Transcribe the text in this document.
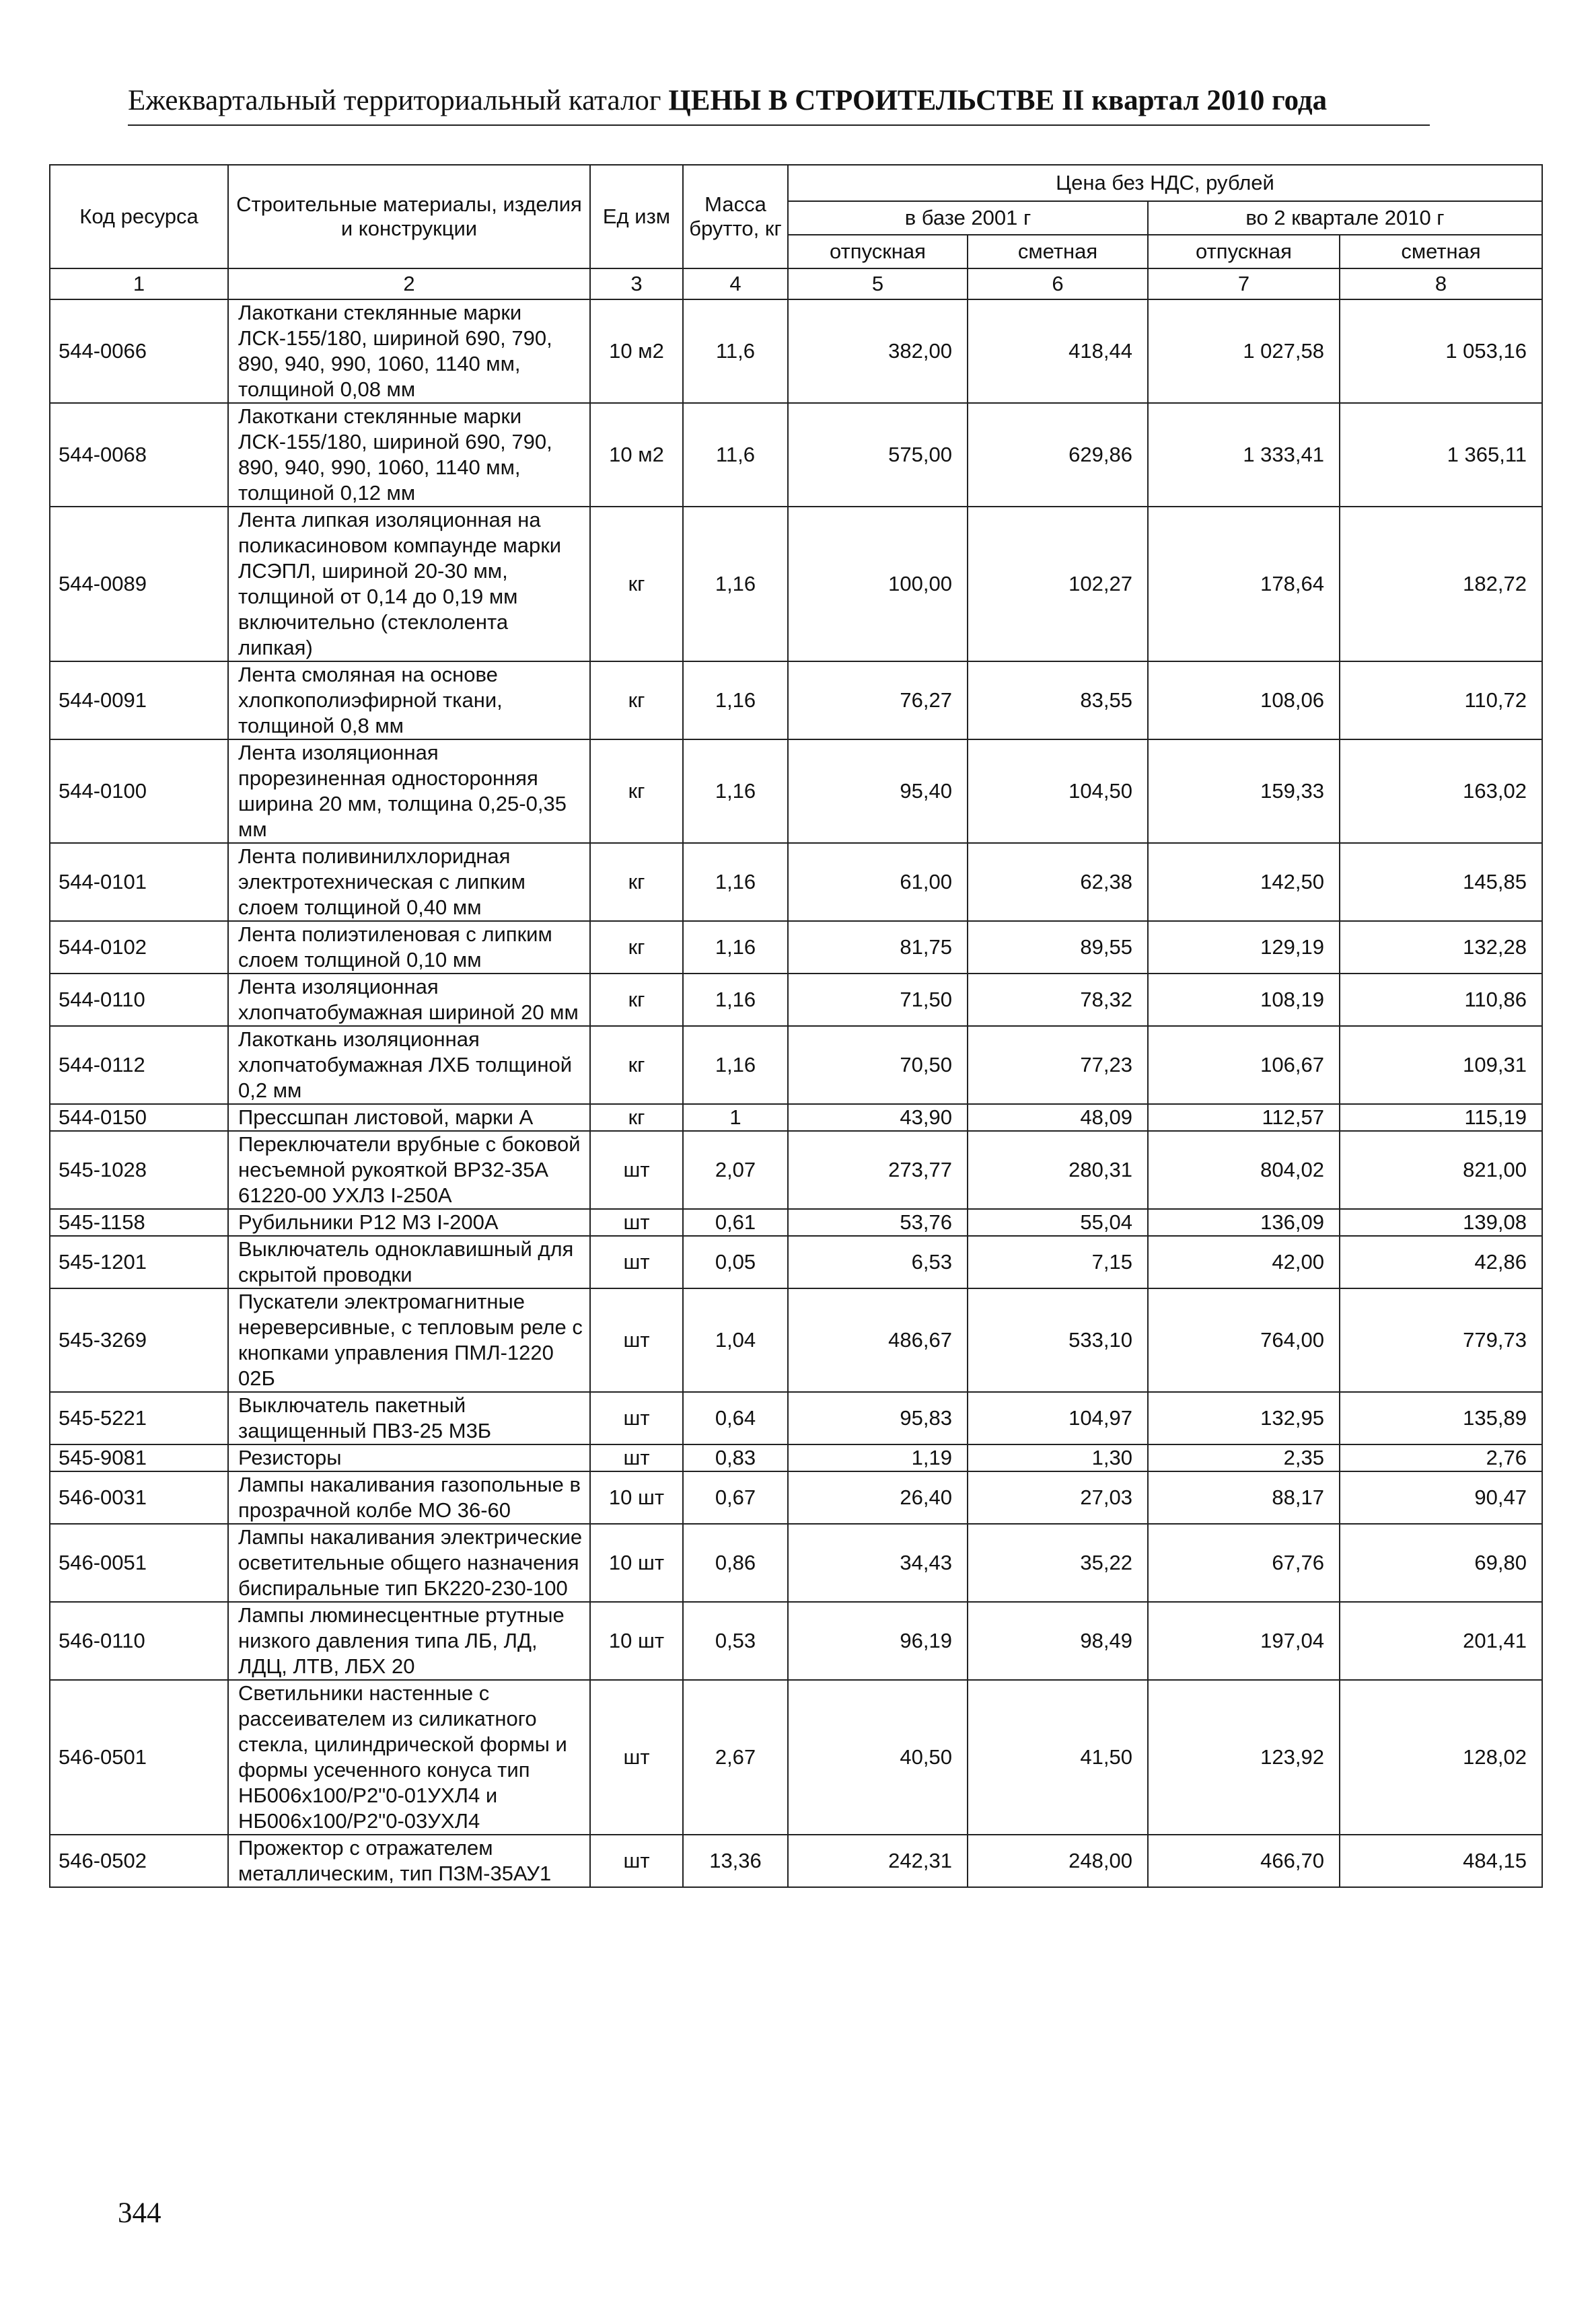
Ежеквартальный территориальный каталог ЦЕНЫ В СТРОИТЕЛЬСТВЕ II квартал 2010 года
Код ресурса	Строительные материалы, изделия и конструкции	Ед изм	Масса брутто, кг	Цена без НДС, рублей			
				в базе 2001 г		во 2 квартале 2010 г	
				отпускная	сметная	отпускная	сметная
1	2	3	4	5	6	7	8
544-0066	Лакоткани стеклянные марки ЛСК-155/180, шириной 690, 790, 890, 940, 990, 1060, 1140 мм, толщиной 0,08 мм	10 м2	11,6	382,00	418,44	1 027,58	1 053,16
544-0068	Лакоткани стеклянные марки ЛСК-155/180, шириной 690, 790, 890, 940, 990, 1060, 1140 мм, толщиной 0,12 мм	10 м2	11,6	575,00	629,86	1 333,41	1 365,11
544-0089	Лента липкая изоляционная на поликасиновом компаунде марки ЛСЭПЛ, шириной 20-30 мм, толщиной от 0,14 до 0,19 мм включительно (стеклолента липкая)	кг	1,16	100,00	102,27	178,64	182,72
544-0091	Лента смоляная на основе хлопкополиэфирной ткани, толщиной 0,8 мм	кг	1,16	76,27	83,55	108,06	110,72
544-0100	Лента изоляционная прорезиненная односторонняя ширина 20 мм, толщина 0,25-0,35 мм	кг	1,16	95,40	104,50	159,33	163,02
544-0101	Лента поливинилхлоридная электротехническая с липким слоем толщиной 0,40 мм	кг	1,16	61,00	62,38	142,50	145,85
544-0102	Лента полиэтиленовая с липким слоем толщиной 0,10 мм	кг	1,16	81,75	89,55	129,19	132,28
544-0110	Лента изоляционная хлопчатобумажная шириной 20 мм	кг	1,16	71,50	78,32	108,19	110,86
544-0112	Лакоткань изоляционная хлопчатобумажная ЛХБ толщиной 0,2 мм	кг	1,16	70,50	77,23	106,67	109,31
544-0150	Прессшпан листовой, марки А	кг	1	43,90	48,09	112,57	115,19
545-1028	Переключатели врубные с боковой несъемной рукояткой ВР32-35А 61220-00 УХЛ3 I-250А	шт	2,07	273,77	280,31	804,02	821,00
545-1158	Рубильники Р12 М3 I-200А	шт	0,61	53,76	55,04	136,09	139,08
545-1201	Выключатель одноклавишный для скрытой проводки	шт	0,05	6,53	7,15	42,00	42,86
545-3269	Пускатели электромагнитные нереверсивные, с тепловым реле с кнопками управления ПМЛ-1220 02Б	шт	1,04	486,67	533,10	764,00	779,73
545-5221	Выключатель пакетный защищенный ПВ3-25 М3Б	шт	0,64	95,83	104,97	132,95	135,89
545-9081	Резисторы	шт	0,83	1,19	1,30	2,35	2,76
546-0031	Лампы накаливания газопольные в прозрачной колбе МО 36-60	10 шт	0,67	26,40	27,03	88,17	90,47
546-0051	Лампы накаливания электрические осветительные общего назначения биспиральные тип БК220-230-100	10 шт	0,86	34,43	35,22	67,76	69,80
546-0110	Лампы люминесцентные ртутные низкого давления типа ЛБ, ЛД, ЛДЦ, ЛТВ, ЛБХ 20	10 шт	0,53	96,19	98,49	197,04	201,41
546-0501	Светильники настенные с рассеивателем из силикатного стекла, цилиндрической формы и формы усеченного конуса тип НБ006х100/Р2"0-01УХЛ4 и НБ006х100/Р2"0-03УХЛ4	шт	2,67	40,50	41,50	123,92	128,02
546-0502	Прожектор с отражателем металлическим, тип ПЗМ-35АУ1	шт	13,36	242,31	248,00	466,70	484,15
344
